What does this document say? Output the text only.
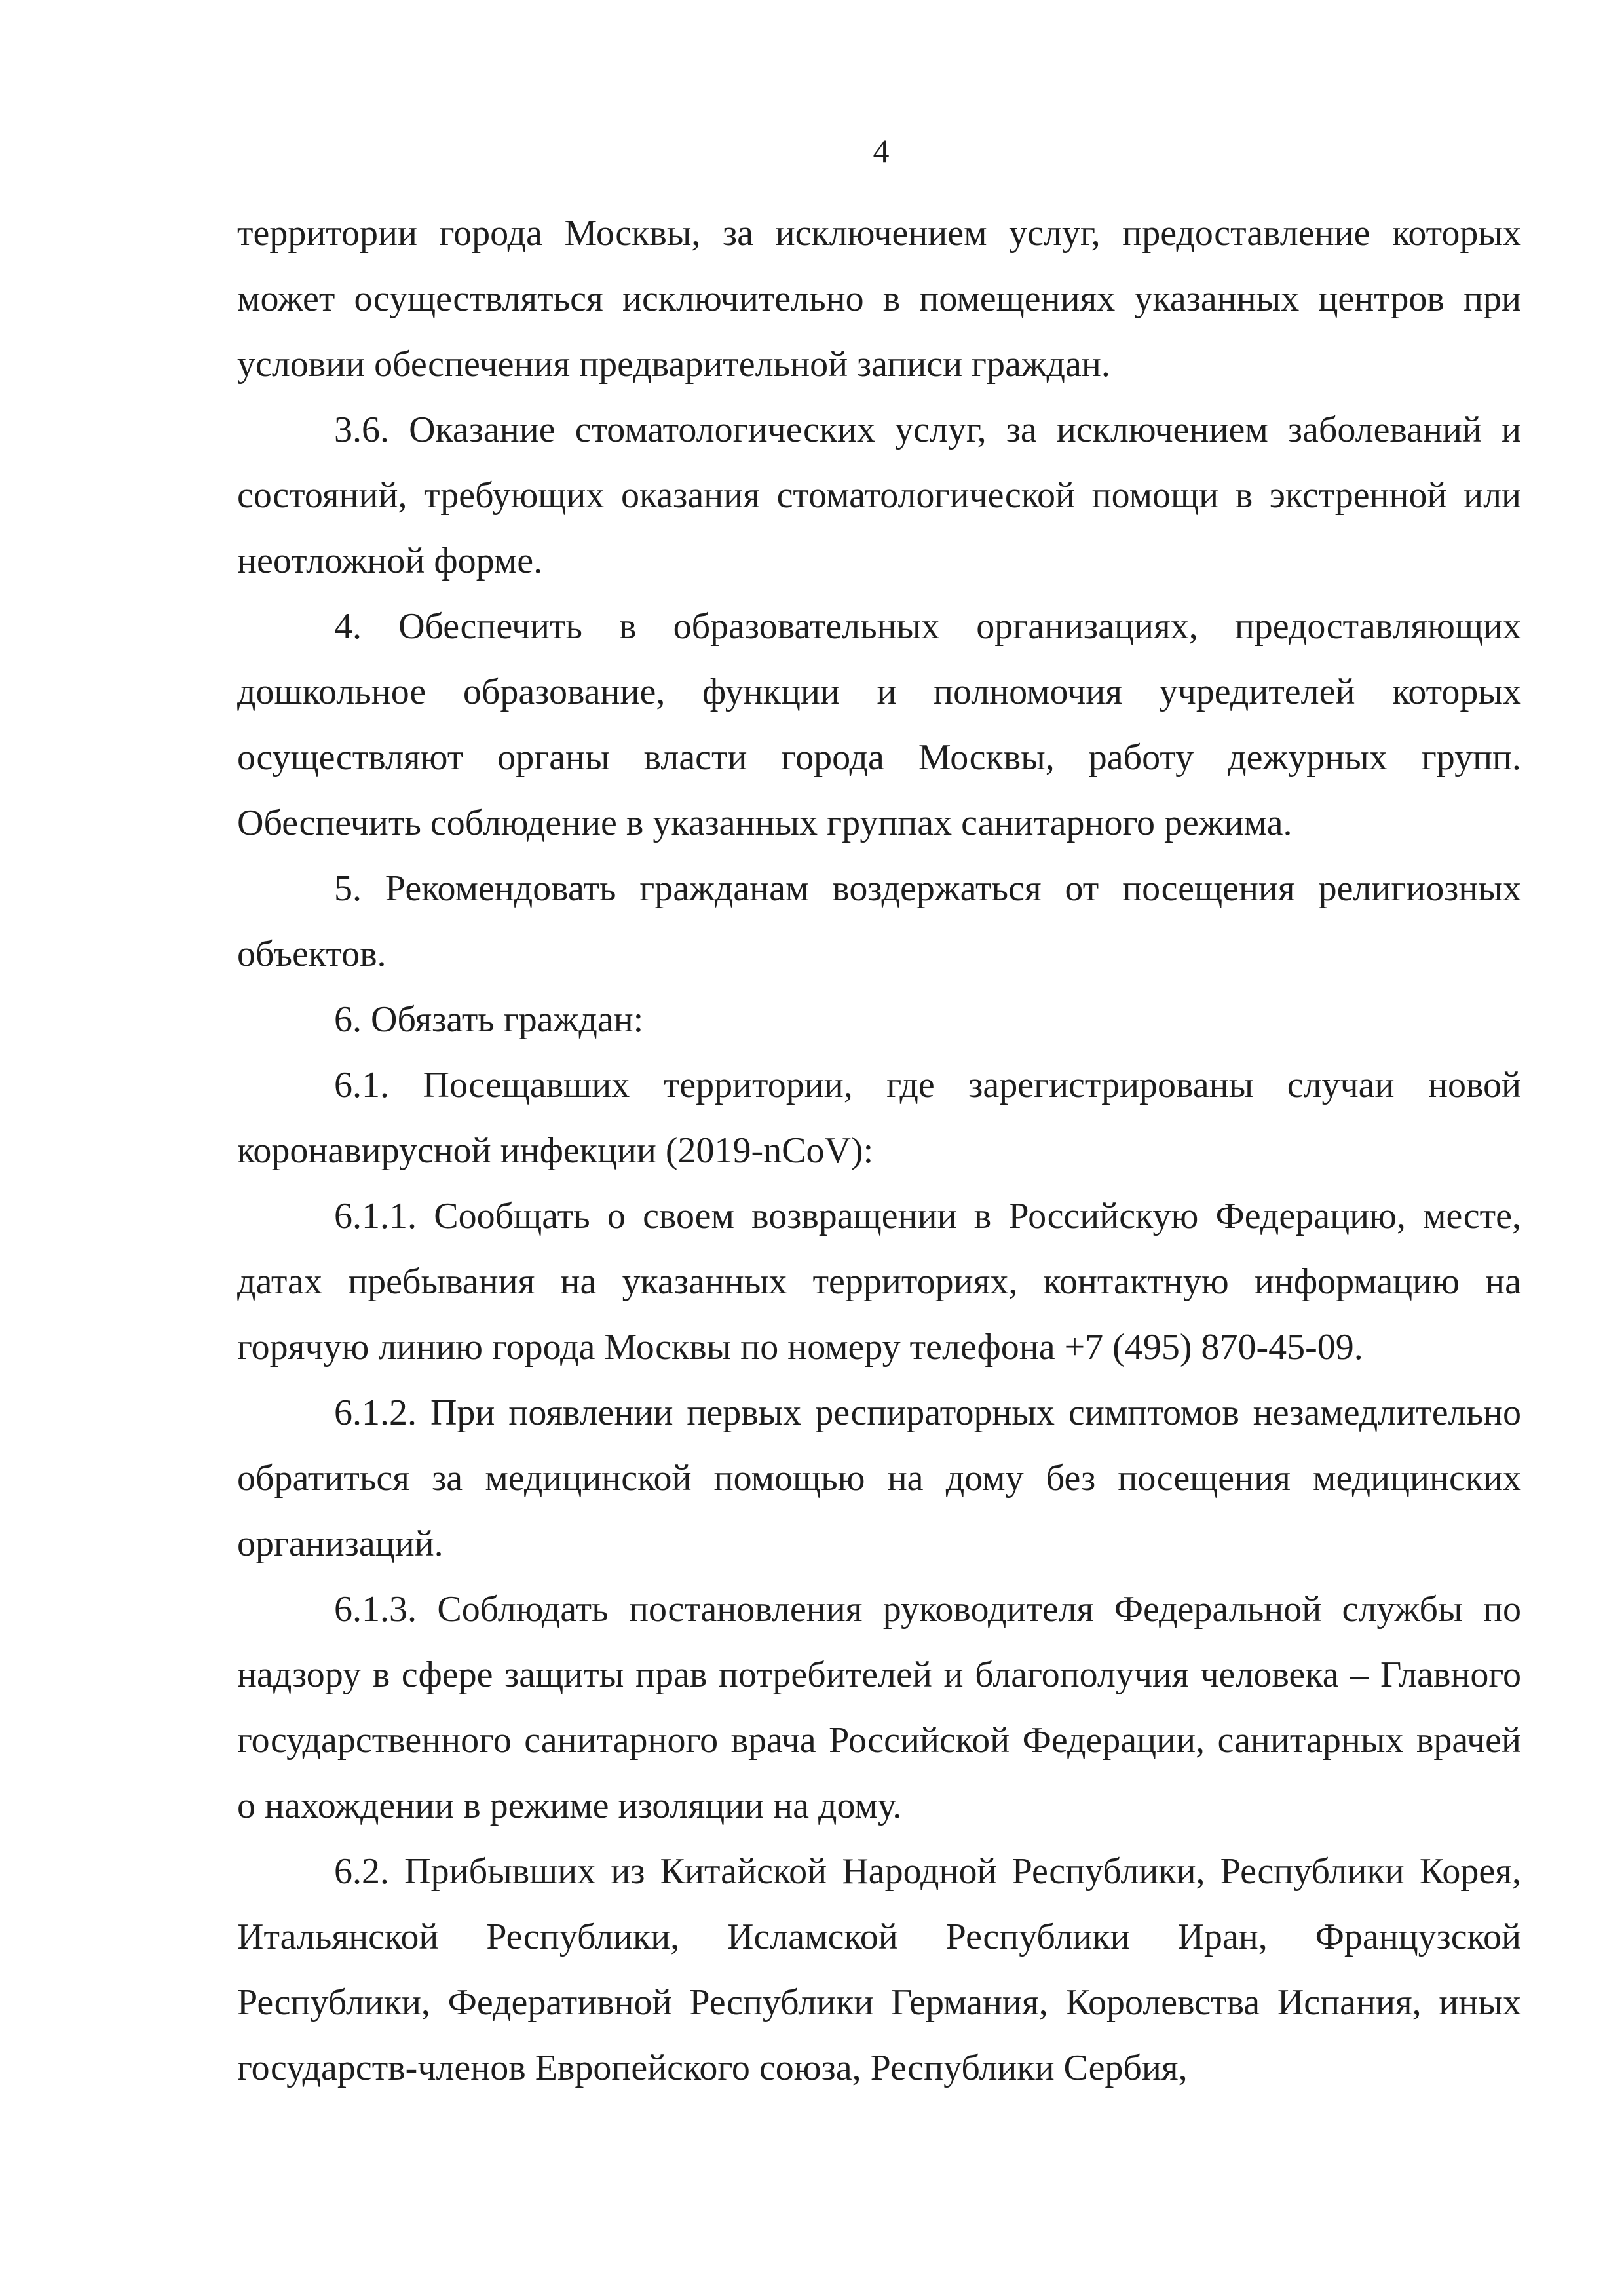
4

территории города Москвы, за исключением услуг, предоставление которых может осуществляться исключительно в помещениях указанных центров при условии обеспечения предварительной записи граждан.

3.6. Оказание стоматологических услуг, за исключением заболеваний и состояний, требующих оказания стоматологической помощи в экстренной или неотложной форме.

4. Обеспечить в образовательных организациях, предоставляющих дошкольное образование, функции и полномочия учредителей которых осуществляют органы власти города Москвы, работу дежурных групп. Обеспечить соблюдение в указанных группах санитарного режима.

5. Рекомендовать гражданам воздержаться от посещения религиозных объектов.

6. Обязать граждан:

6.1. Посещавших территории, где зарегистрированы случаи новой коронавирусной инфекции (2019-nCoV):

6.1.1. Сообщать о своем возвращении в Российскую Федерацию, месте, датах пребывания на указанных территориях, контактную информацию на горячую линию города Москвы по номеру телефона +7 (495) 870-45-09.

6.1.2. При появлении первых респираторных симптомов незамедлительно обратиться за медицинской помощью на дому без посещения медицинских организаций.

6.1.3. Соблюдать постановления руководителя Федеральной службы по надзору в сфере защиты прав потребителей и благополучия человека – Главного государственного санитарного врача Российской Федерации, санитарных врачей о нахождении в режиме изоляции на дому.

6.2. Прибывших из Китайской Народной Республики, Республики Корея, Итальянской Республики, Исламской Республики Иран, Французской Республики, Федеративной Республики Германия, Королевства Испания, иных государств-членов Европейского союза, Республики Сербия,
